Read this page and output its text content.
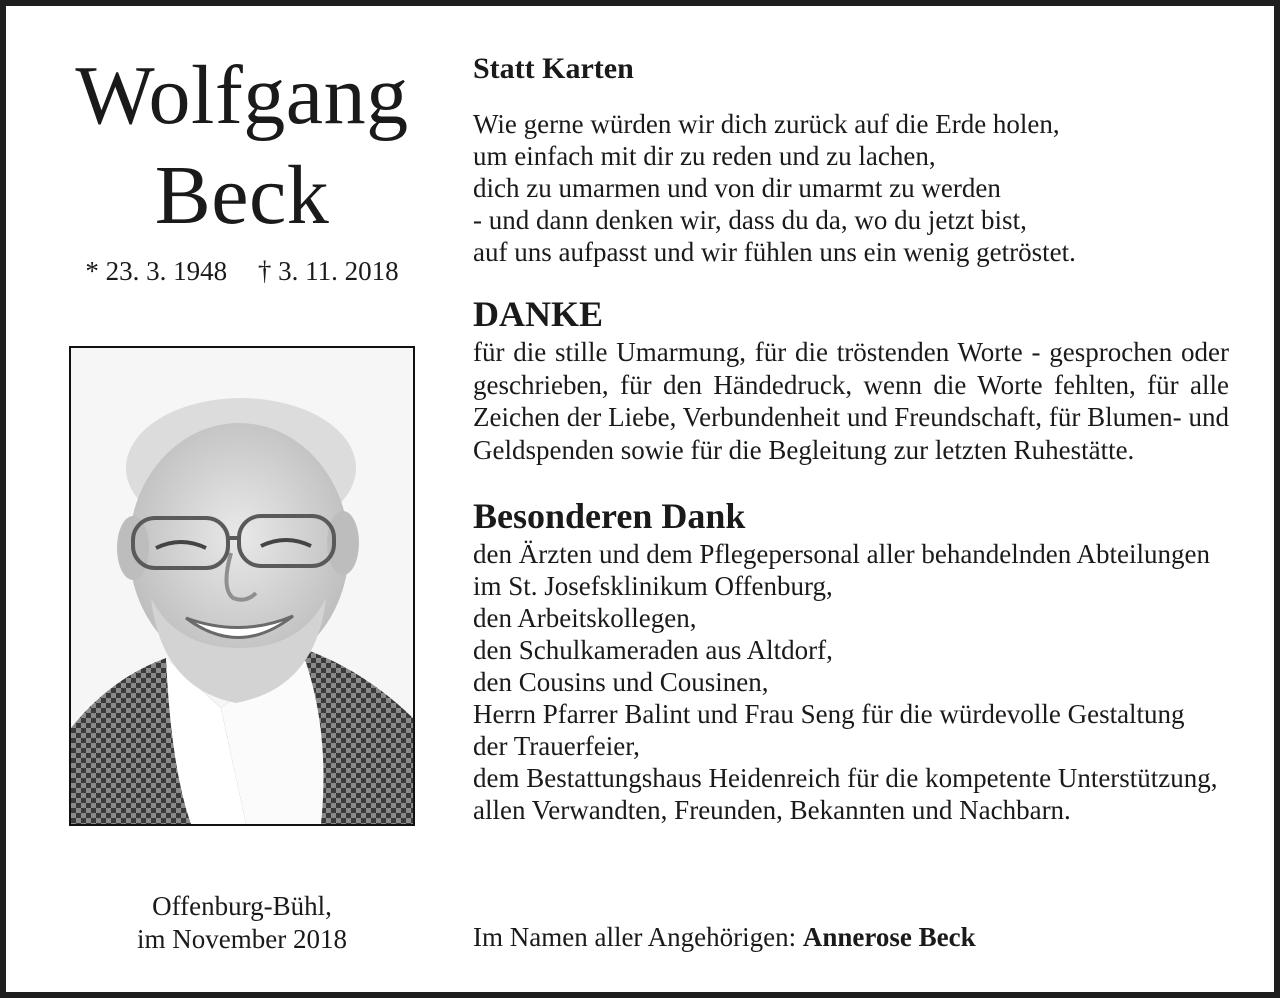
Wolfgang
Beck
* 23. 3. 1948 † 3. 11. 2018
Offenburg-Bühl,
im November 2018
Statt Karten
Wie gerne würden wir dich zurück auf die Erde holen,
um einfach mit dir zu reden und zu lachen,
dich zu umarmen und von dir umarmt zu werden
- und dann denken wir, dass du da, wo du jetzt bist,
auf uns aufpasst und wir fühlen uns ein wenig getröstet.
DANKE
für die stille Umarmung, für die tröstenden Worte - gesprochen oder geschrieben, für den Händedruck, wenn die Worte fehlten, für alle Zeichen der Liebe, Verbundenheit und Freundschaft, für Blumen- und Geldspenden sowie für die Begleitung zur letzten Ruhestätte.
Besonderen Dank
den Ärzten und dem Pflegepersonal aller behandelnden Abteilungen
im St. Josefsklinikum Offenburg,
den Arbeitskollegen,
den Schulkameraden aus Altdorf,
den Cousins und Cousinen,
Herrn Pfarrer Balint und Frau Seng für die würdevolle Gestaltung
der Trauerfeier,
dem Bestattungshaus Heidenreich für die kompetente Unterstützung,
allen Verwandten, Freunden, Bekannten und Nachbarn.
Im Namen aller Angehörigen: Annerose Beck
